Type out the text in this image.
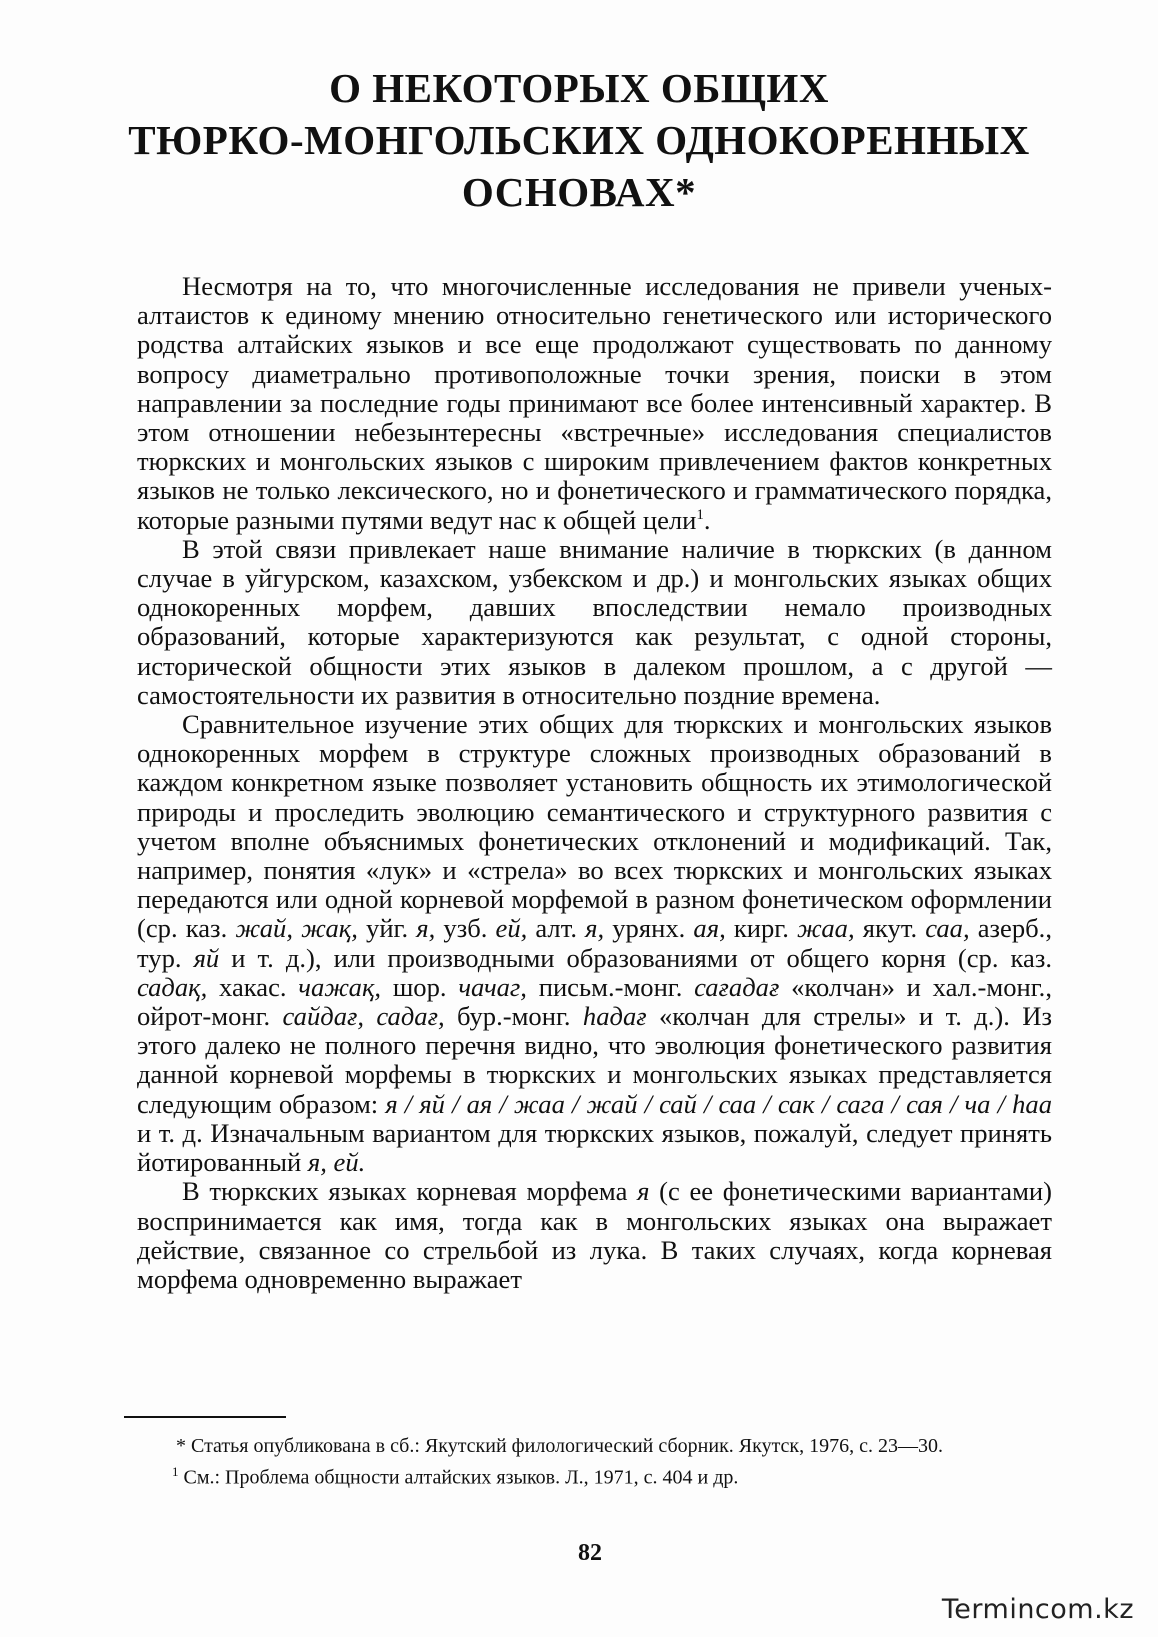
О НЕКОТОРЫХ ОБЩИХ
ТЮРКО-МОНГОЛЬСКИХ ОДНОКОРЕННЫХ
ОСНОВАХ*

Несмотря на то, что многочисленные исследования не привели ученых-алтаистов к единому мнению относительно генетического или исторического родства алтайских языков и все еще продолжают существовать по данному вопросу диаметрально противоположные точки зрения, поиски в этом направлении за последние годы принимают все более интенсивный характер. В этом отношении небезынтересны «встречные» исследования специалистов тюркских и монгольских языков с широким привлечением фактов конкретных языков не только лексического, но и фонетического и грамматического порядка, которые разными путями ведут нас к общей цели$^1$.

В этой связи привлекает наше внимание наличие в тюркских (в данном случае в уйгурском, казахском, узбекском и др.) и монгольских языках общих однокоренных морфем, давших впоследствии немало производных образований, которые характеризуются как результат, с одной стороны, исторической общности этих языков в далеком прошлом, а с другой — самостоятельности их развития в относительно поздние времена.

Сравнительное изучение этих общих для тюркских и монгольских языков однокоренных морфем в структуре сложных производных образований в каждом конкретном языке позволяет установить общность их этимологической природы и проследить эволюцию семантического и структурного развития с учетом вполне объяснимых фонетических отклонений и модификаций. Так, например, понятия «лук» и «стрела» во всех тюркских и монгольских языках передаются или одной корневой морфемой в разном фонетическом оформлении (ср. каз. жай, жақ, уйг. я, узб. ей, алт. я, урянх. ая, кирг. жаа, якут. саа, азерб., тур. яй и т. д.), или производными образованиями от общего корня (ср. каз. садақ, хакас. чажақ, шор. чачаг, письм.-монг. сағадағ «колчан» и хал.-монг., ойрот-монг. сайдағ, садағ, бур.-монг. һадағ «колчан для стрелы» и т. д.). Из этого далеко не полного перечня видно, что эволюция фонетического развития данной корневой морфемы в тюркских и монгольских языках представляется следующим образом: я / яй / ая / жаа / жай / сай / саа / сак / сага / сая / ча / һаа и т. д. Изначальным вариантом для тюркских языков, пожалуй, следует принять йотированный я, ей.

В тюркских языках корневая морфема я (с ее фонетическими вариантами) воспринимается как имя, тогда как в монгольских языках она выражает действие, связанное со стрельбой из лука. В таких случаях, когда корневая морфема одновременно выражает

* Статья опубликована в сб.: Якутский филологический сборник. Якутск, 1976, с. 23—30.

$^1$ См.: Проблема общности алтайских языков. Л., 1971, с. 404 и др.

82
Termincom.kz
